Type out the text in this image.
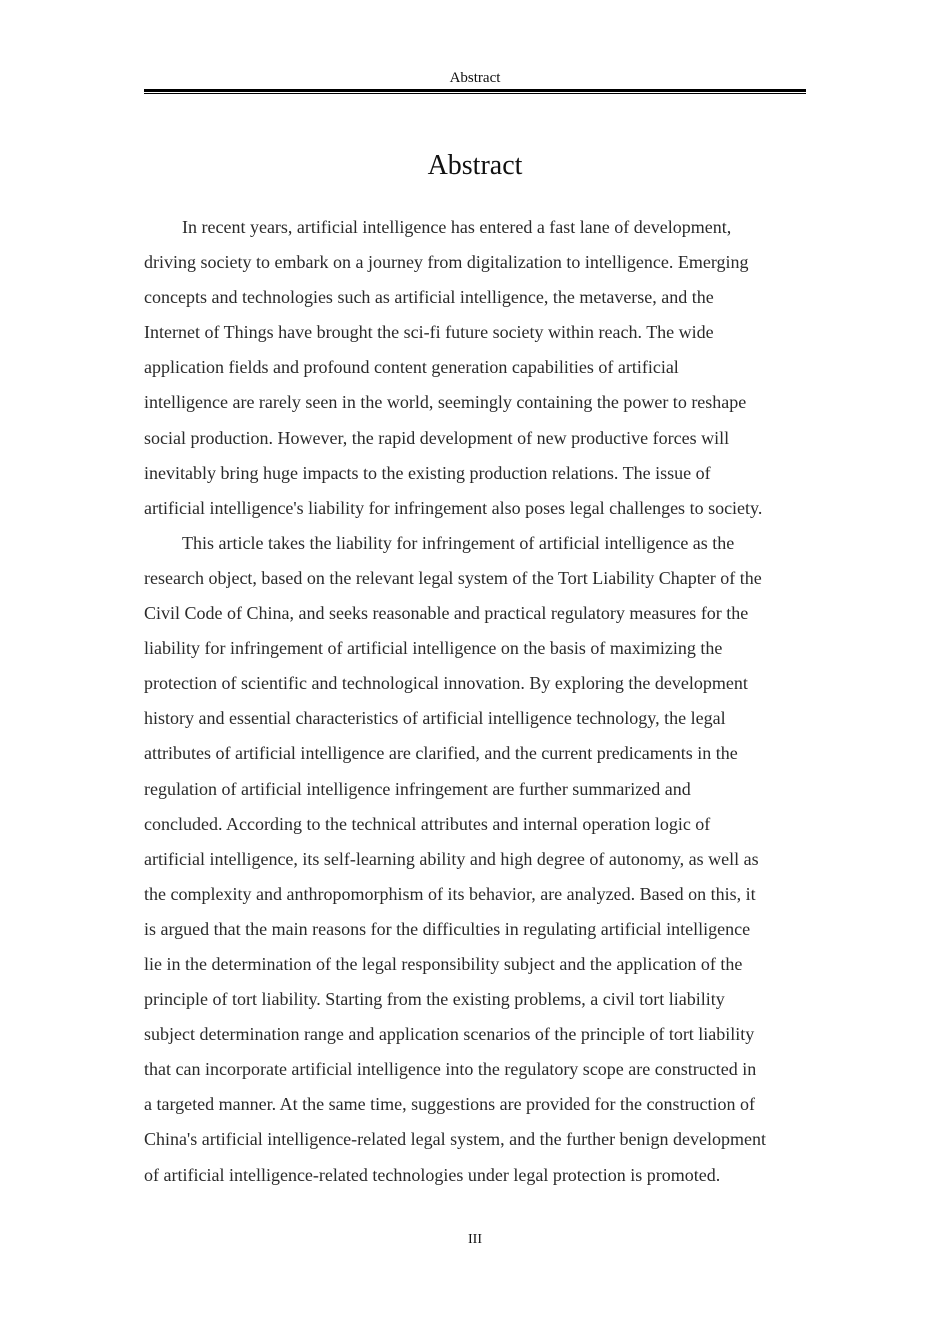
Abstract
Abstract

In recent years, artificial intelligence has entered a fast lane of development,
driving society to embark on a journey from digitalization to intelligence. Emerging
concepts and technologies such as artificial intelligence, the metaverse, and the
Internet of Things have brought the sci-fi future society within reach. The wide
application fields and profound content generation capabilities of artificial
intelligence are rarely seen in the world, seemingly containing the power to reshape
social production. However, the rapid development of new productive forces will
inevitably bring huge impacts to the existing production relations. The issue of
artificial intelligence's liability for infringement also poses legal challenges to society.

This article takes the liability for infringement of artificial intelligence as the
research object, based on the relevant legal system of the Tort Liability Chapter of the
Civil Code of China, and seeks reasonable and practical regulatory measures for the
liability for infringement of artificial intelligence on the basis of maximizing the
protection of scientific and technological innovation. By exploring the development
history and essential characteristics of artificial intelligence technology, the legal
attributes of artificial intelligence are clarified, and the current predicaments in the
regulation of artificial intelligence infringement are further summarized and
concluded. According to the technical attributes and internal operation logic of
artificial intelligence, its self-learning ability and high degree of autonomy, as well as
the complexity and anthropomorphism of its behavior, are analyzed. Based on this, it
is argued that the main reasons for the difficulties in regulating artificial intelligence
lie in the determination of the legal responsibility subject and the application of the
principle of tort liability. Starting from the existing problems, a civil tort liability
subject determination range and application scenarios of the principle of tort liability
that can incorporate artificial intelligence into the regulatory scope are constructed in
a targeted manner. At the same time, suggestions are provided for the construction of
China's artificial intelligence-related legal system, and the further benign development
of artificial intelligence-related technologies under legal protection is promoted.

III
